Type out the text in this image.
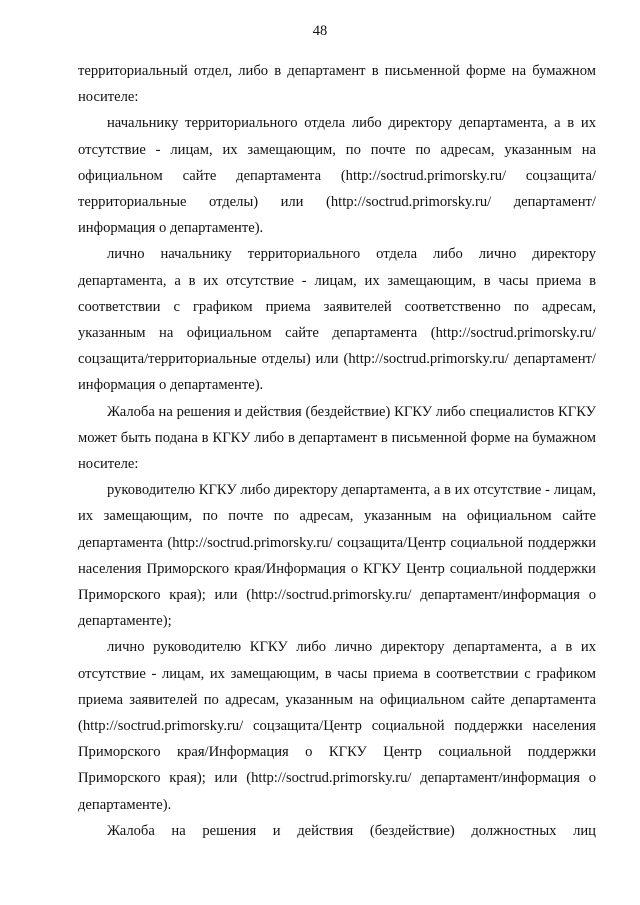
48

территориальный отдел, либо в департамент в письменной форме на бумажном носителе:

начальнику территориального отдела либо директору департамента, а в их отсутствие - лицам, их замещающим, по почте по адресам, указанным на официальном сайте департамента (http://soctrud.primorsky.ru/ соцзащита/территориальные отделы) или (http://soctrud.primorsky.ru/ департамент/информация о департаменте).

лично начальнику территориального отдела либо лично директору департамента, а в их отсутствие - лицам, их замещающим, в часы приема в соответствии с графиком приема заявителей соответственно по адресам, указанным на официальном сайте департамента (http://soctrud.primorsky.ru/ соцзащита/территориальные отделы) или (http://soctrud.primorsky.ru/ департамент/информация о департаменте).

Жалоба на решения и действия (бездействие) КГКУ либо специалистов КГКУ может быть подана в КГКУ либо в департамент в письменной форме на бумажном носителе:

руководителю КГКУ либо директору департамента, а в их отсутствие - лицам, их замещающим, по почте по адресам, указанным на официальном сайте департамента (http://soctrud.primorsky.ru/ соцзащита/Центр социальной поддержки населения Приморского края/Информация о КГКУ Центр социальной поддержки Приморского края); или (http://soctrud.primorsky.ru/ департамент/информация о департаменте);

лично руководителю КГКУ либо лично директору департамента, а в их отсутствие - лицам, их замещающим, в часы приема в соответствии с графиком приема заявителей по адресам, указанным на официальном сайте департамента (http://soctrud.primorsky.ru/ соцзащита/Центр социальной поддержки населения Приморского края/Информация о КГКУ Центр социальной поддержки Приморского края); или (http://soctrud.primorsky.ru/ департамент/информация о департаменте).

Жалоба на решения и действия (бездействие) должностных лиц
